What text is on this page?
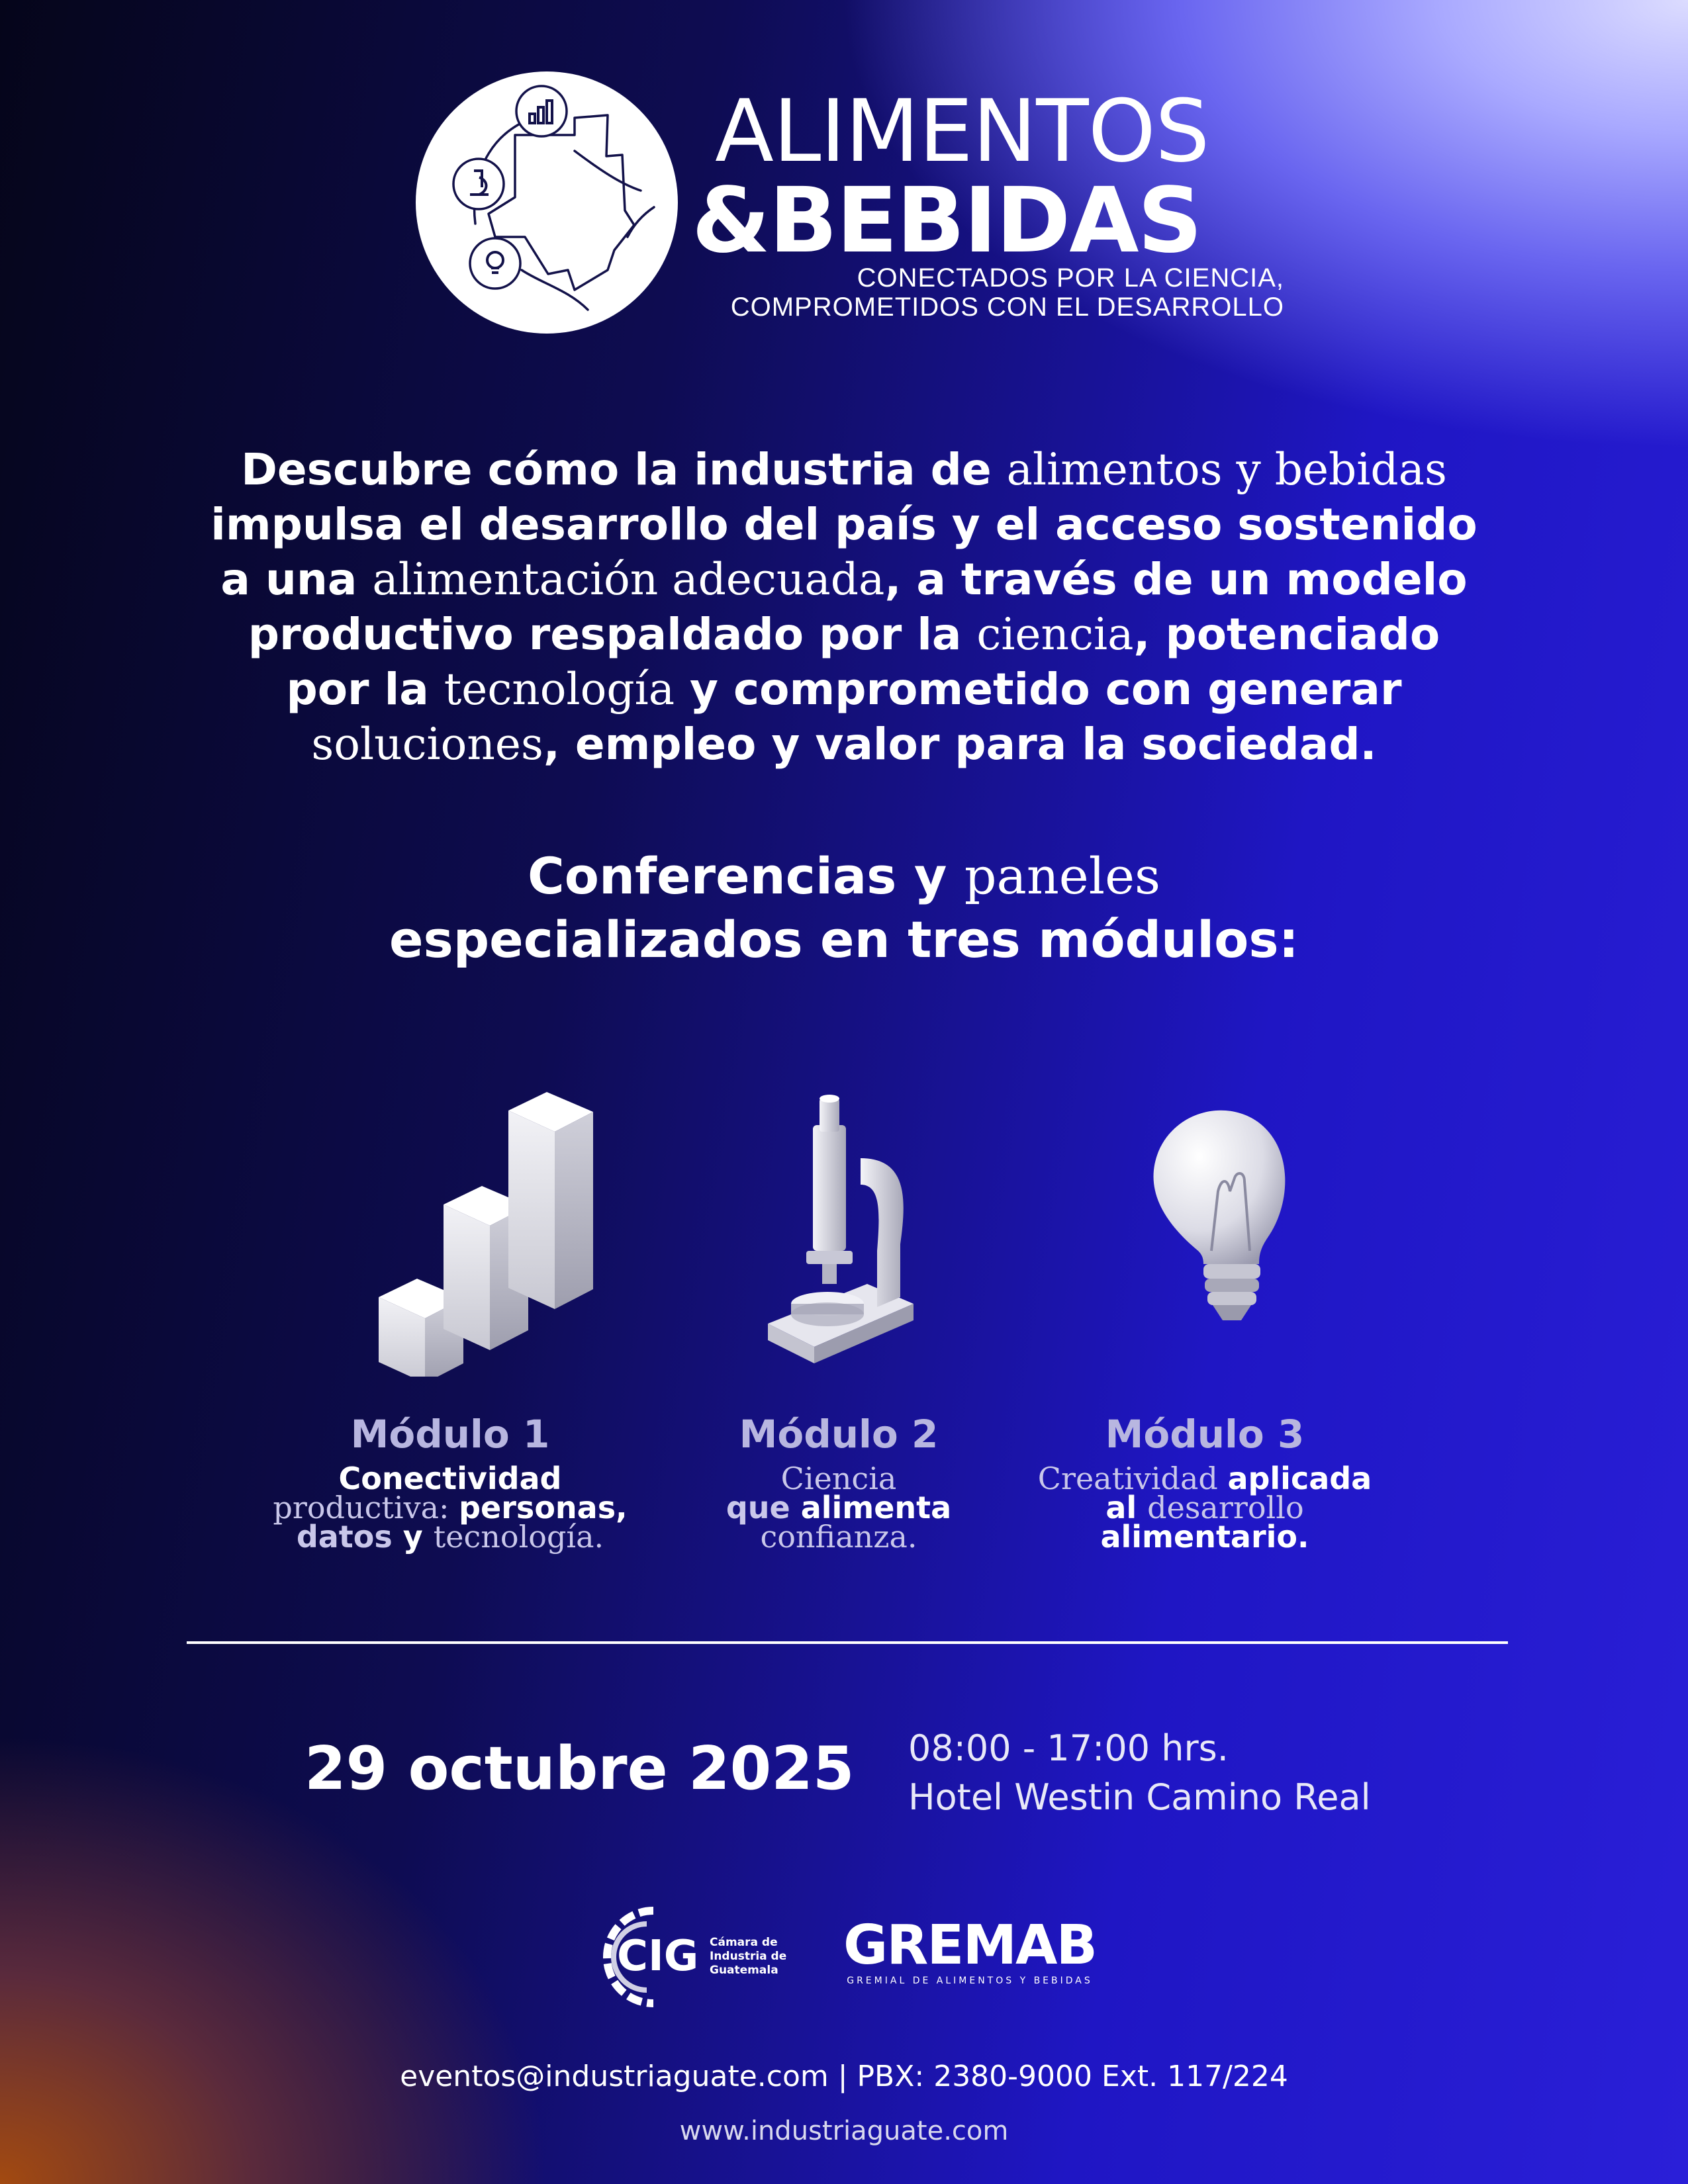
ALIMENTOS
&BEBIDAS
CONECTADOS POR LA CIENCIA,
COMPROMETIDOS CON EL DESARROLLO
Descubre cómo la industria de alimentos y bebidas
impulsa el desarrollo del país y el acceso sostenido
a una alimentación adecuada, a través de un modelo
productivo respaldado por la ciencia, potenciado
por la tecnología y comprometido con generar
soluciones, empleo y valor para la sociedad.
Conferencias y paneles
especializados en tres módulos:
Módulo 1
Conectividad
productiva: personas,
datos y tecnología.
Módulo 2
Ciencia
que alimenta
confianza.
Módulo 3
Creatividad aplicada
al desarrollo
alimentario.
29 octubre 2025	08:00 - 17:00 hrs.
Hotel Westin Camino Real
CIG Cámara de
Industria de
Guatemala GREMAB
GREMIAL DE ALIMENTOS Y BEBIDAS
eventos@industriaguate.com | PBX: 2380-9000 Ext. 117/224
www.industriaguate.com
